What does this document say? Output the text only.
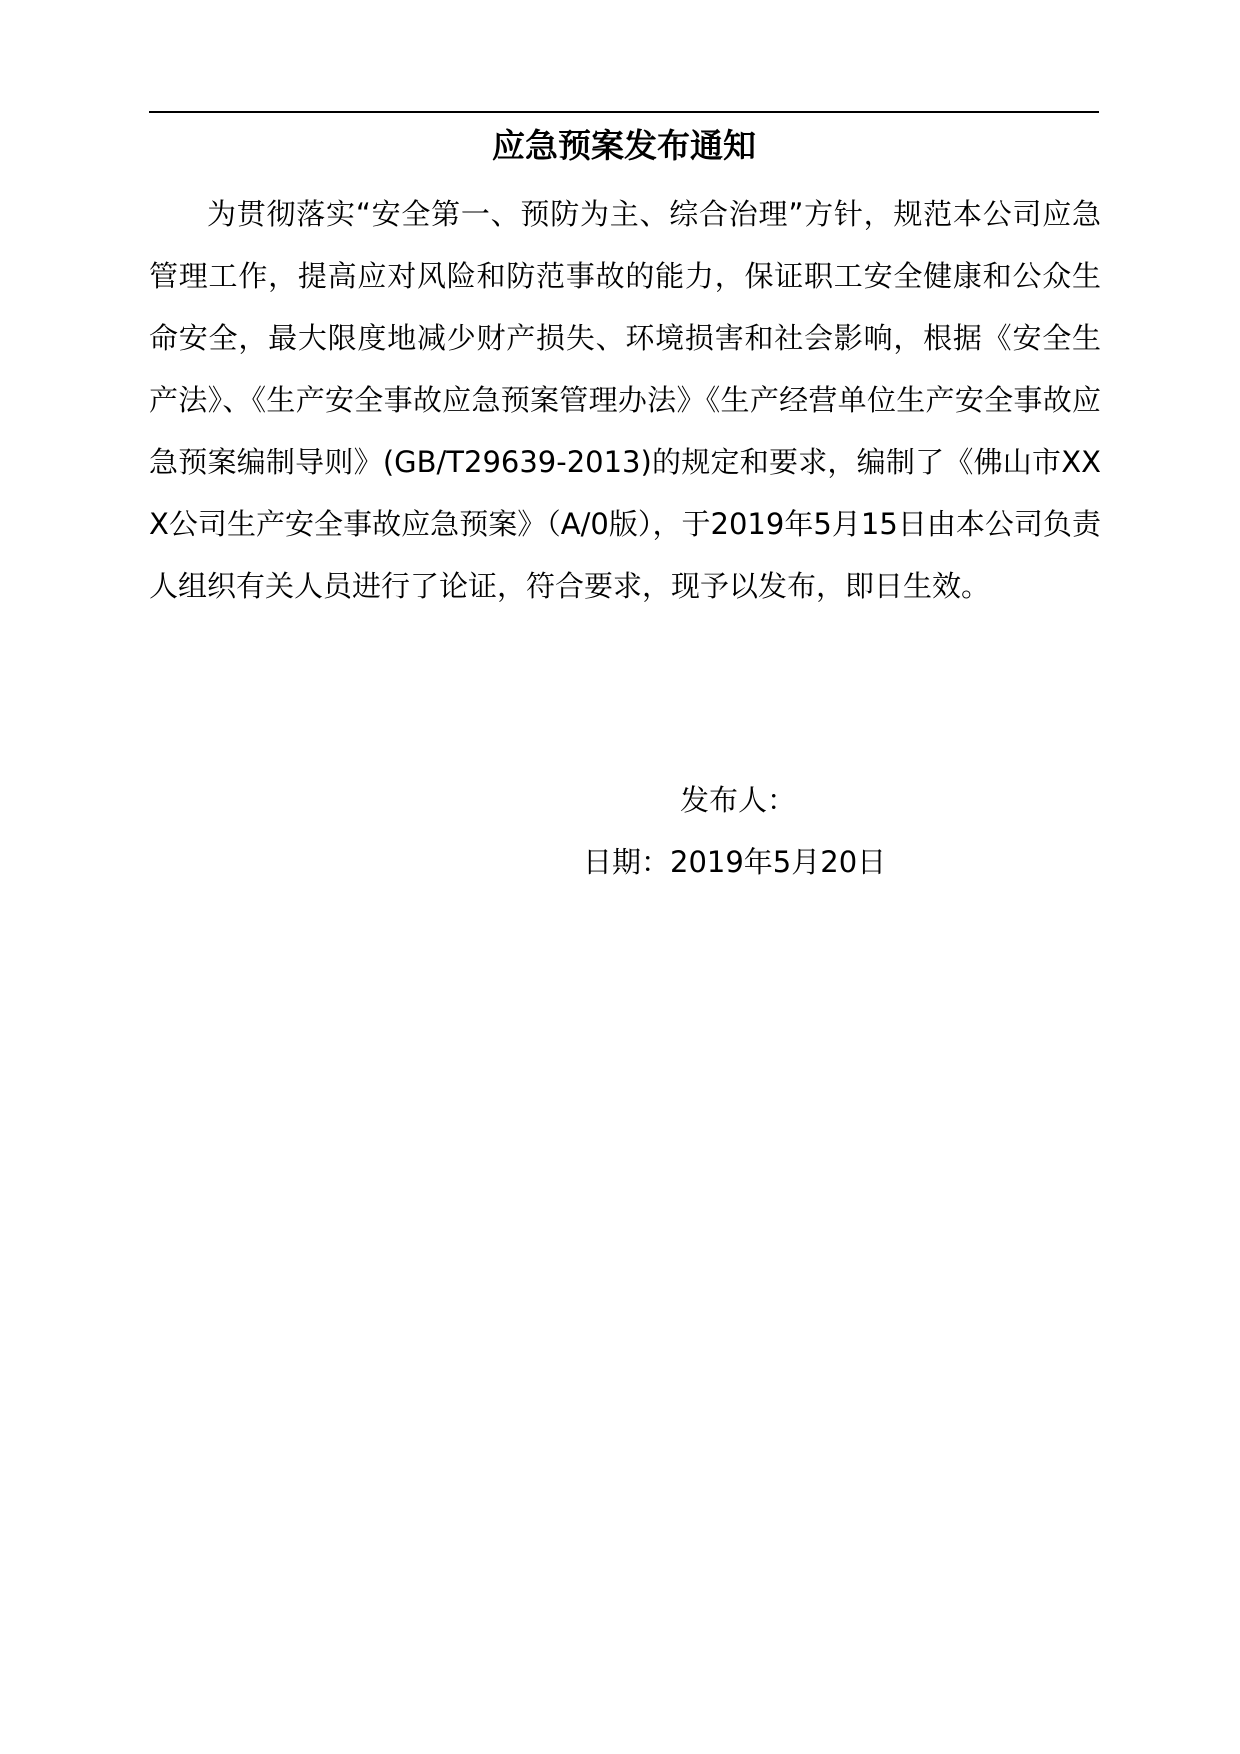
应急预案发布通知

为贯彻落实“安全第一、预防为主、综合治理”方针，规范本公司应急管理工作，提高应对风险和防范事故的能力，保证职工安全健康和公众生命安全，最大限度地减少财产损失、环境损害和社会影响，根据《安全生产法》、《生产安全事故应急预案管理办法》《生产经营单位生产安全事故应急预案编制导则》(GB/T29639-2013)的规定和要求，编制了《佛山市XXX公司生产安全事故应急预案》（A/0版），于2019年5月15日由本公司负责人组织有关人员进行了论证，符合要求，现予以发布，即日生效。

发布人：
日期：2019年5月20日
